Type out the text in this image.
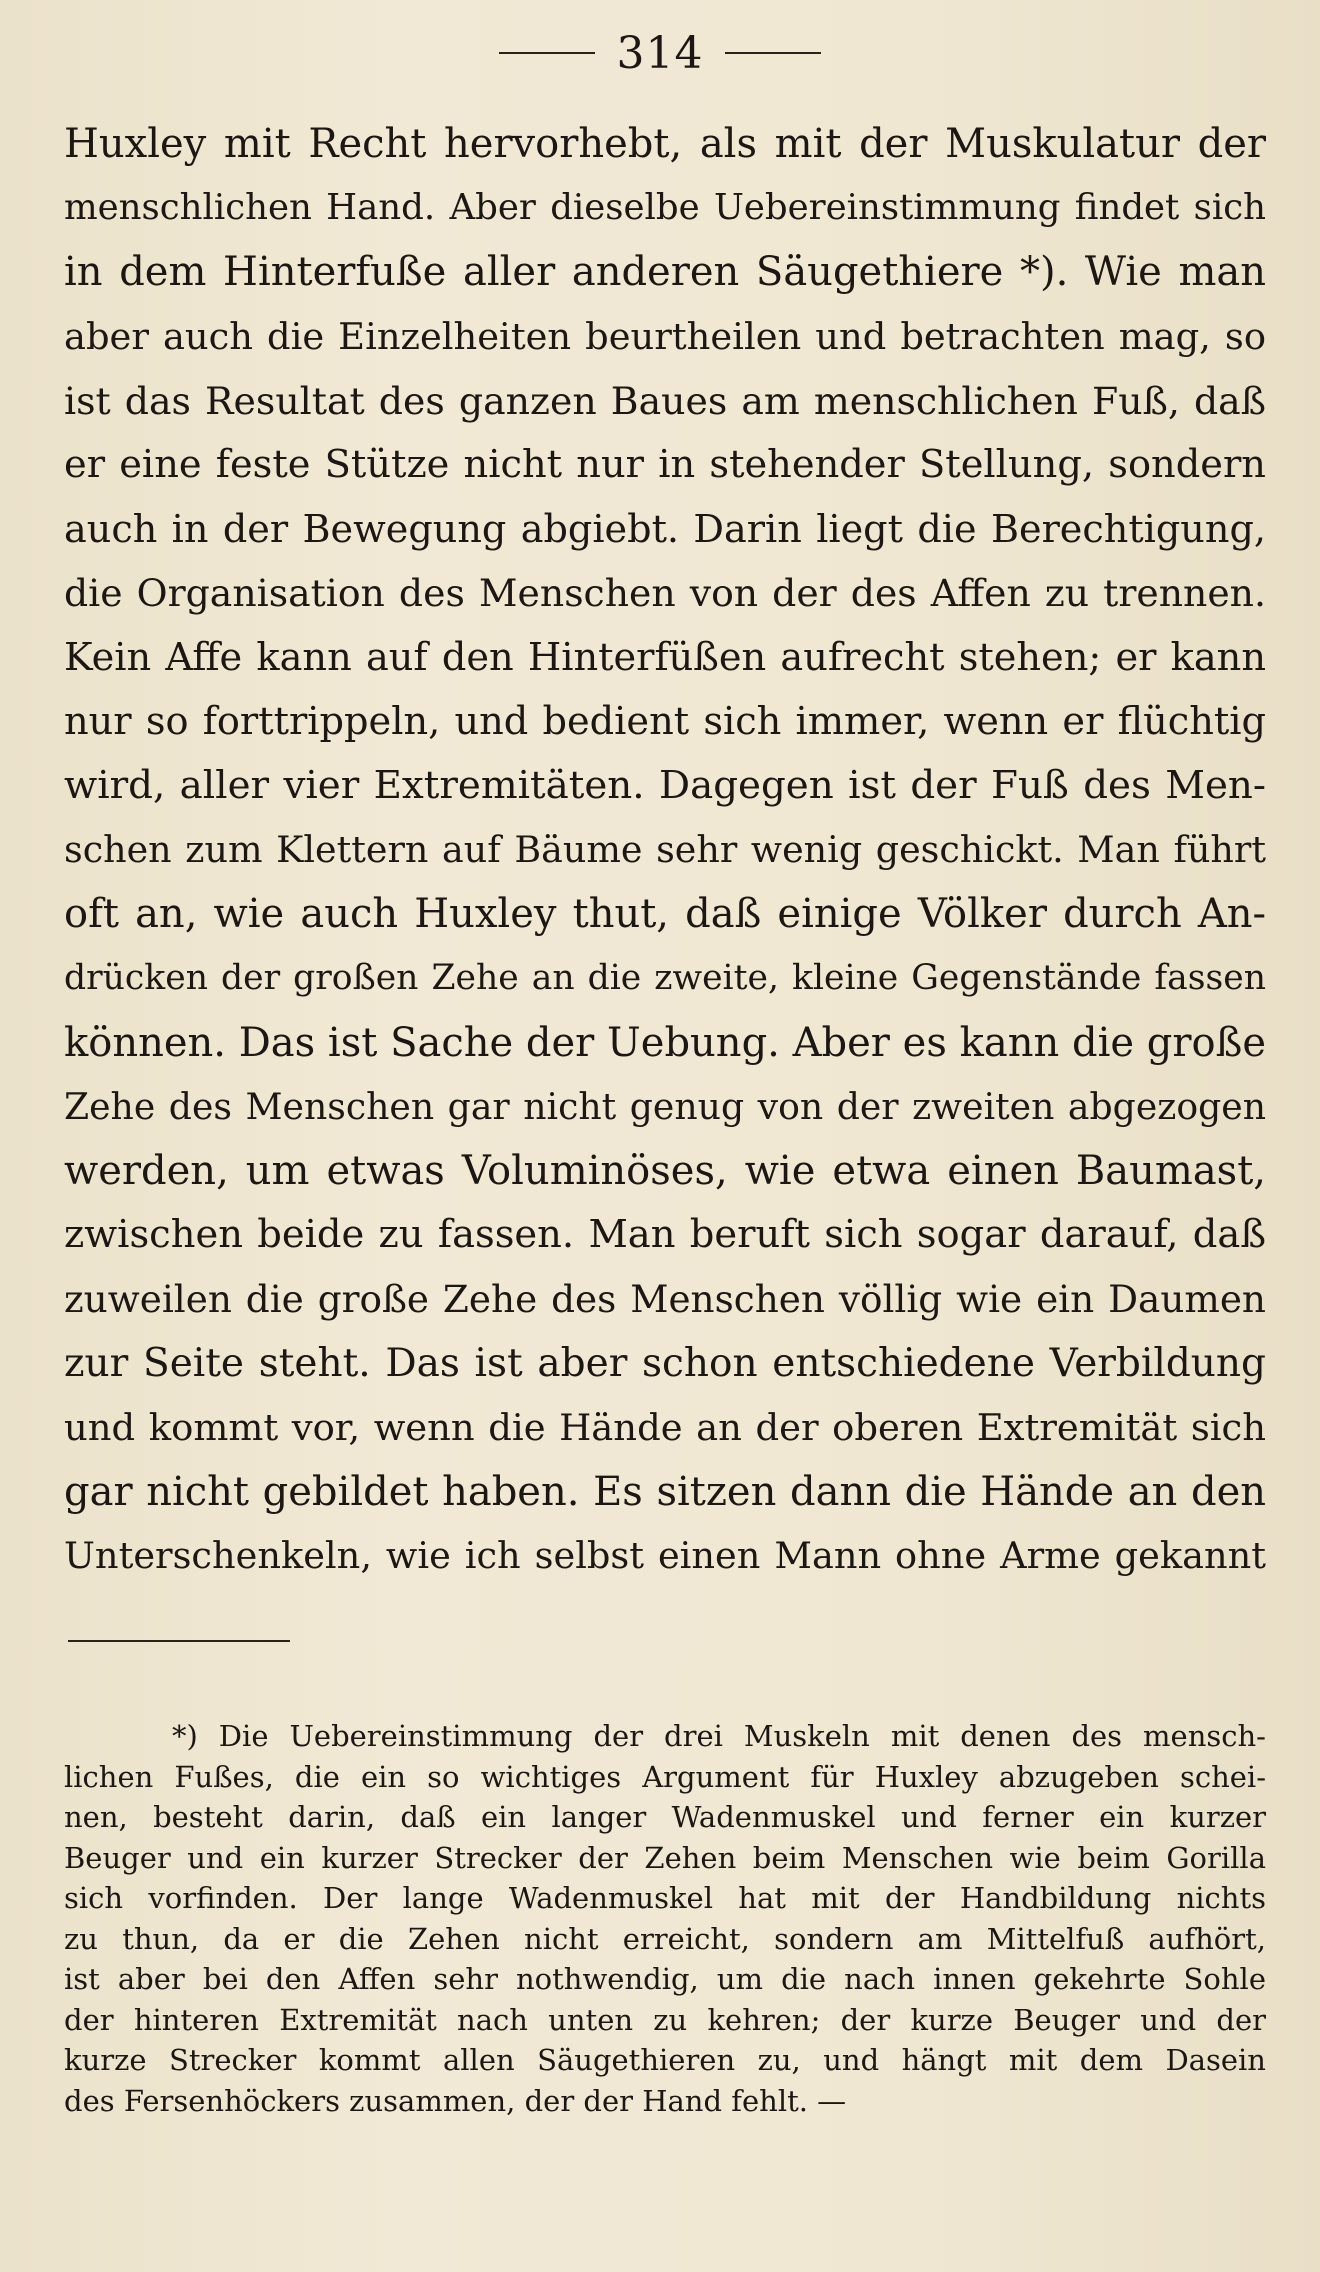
314
Huxley mit Recht hervorhebt, als mit der Muskulatur der
menschlichen Hand. Aber dieselbe Uebereinstimmung findet sich
in dem Hinterfuße aller anderen Säugethiere *). Wie man
aber auch die Einzelheiten beurtheilen und betrachten mag, so
ist das Resultat des ganzen Baues am menschlichen Fuß, daß
er eine feste Stütze nicht nur in stehender Stellung, sondern
auch in der Bewegung abgiebt. Darin liegt die Berechtigung,
die Organisation des Menschen von der des Affen zu trennen.
Kein Affe kann auf den Hinterfüßen aufrecht stehen; er kann
nur so forttrippeln, und bedient sich immer, wenn er flüchtig
wird, aller vier Extremitäten. Dagegen ist der Fuß des Men-
schen zum Klettern auf Bäume sehr wenig geschickt. Man führt
oft an, wie auch Huxley thut, daß einige Völker durch An-
drücken der großen Zehe an die zweite, kleine Gegenstände fassen
können. Das ist Sache der Uebung. Aber es kann die große
Zehe des Menschen gar nicht genug von der zweiten abgezogen
werden, um etwas Voluminöses, wie etwa einen Baumast,
zwischen beide zu fassen. Man beruft sich sogar darauf, daß
zuweilen die große Zehe des Menschen völlig wie ein Daumen
zur Seite steht. Das ist aber schon entschiedene Verbildung
und kommt vor, wenn die Hände an der oberen Extremität sich
gar nicht gebildet haben. Es sitzen dann die Hände an den
Unterschenkeln, wie ich selbst einen Mann ohne Arme gekannt
*) Die Uebereinstimmung der drei Muskeln mit denen des mensch-
lichen Fußes, die ein so wichtiges Argument für Huxley abzugeben schei-
nen, besteht darin, daß ein langer Wadenmuskel und ferner ein kurzer
Beuger und ein kurzer Strecker der Zehen beim Menschen wie beim Gorilla
sich vorfinden. Der lange Wadenmuskel hat mit der Handbildung nichts
zu thun, da er die Zehen nicht erreicht, sondern am Mittelfuß aufhört,
ist aber bei den Affen sehr nothwendig, um die nach innen gekehrte Sohle
der hinteren Extremität nach unten zu kehren; der kurze Beuger und der
kurze Strecker kommt allen Säugethieren zu, und hängt mit dem Dasein
des Fersenhöckers zusammen, der der Hand fehlt. —
